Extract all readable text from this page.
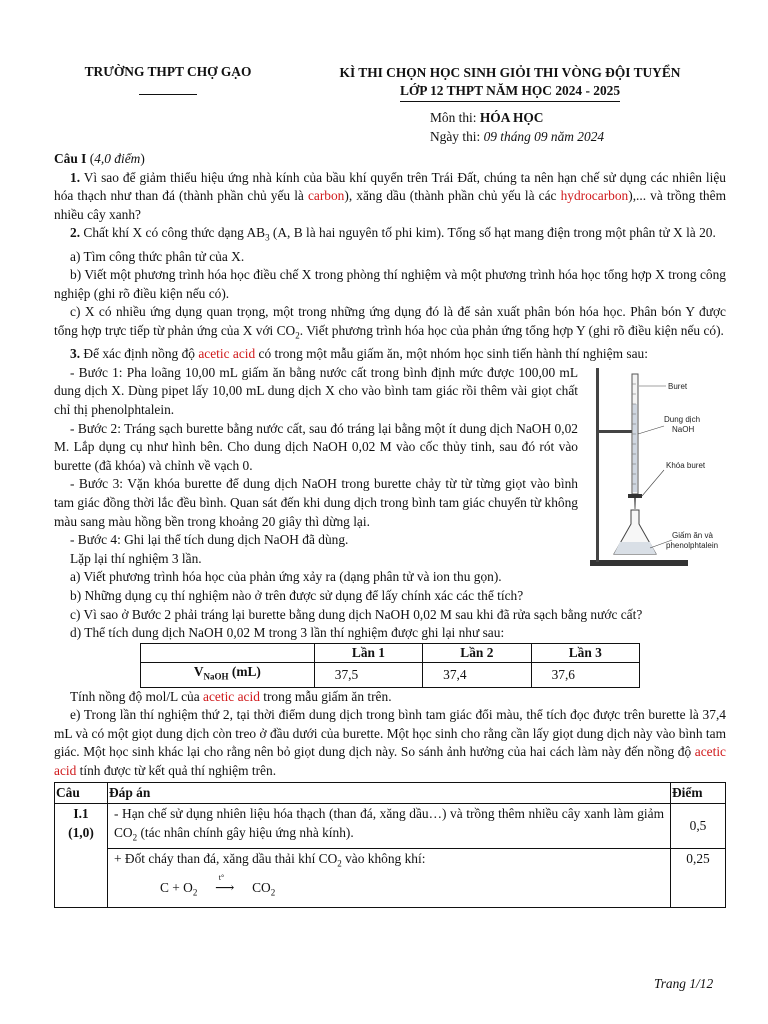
TRƯỜNG THPT CHỢ GẠO	KÌ THI CHỌN HỌC SINH GIỎI THI VÒNG ĐỘI TUYỂN
LỚP 12 THPT NĂM HỌC 2024 - 2025
Môn thi: HÓA HỌC
Ngày thi: 09 tháng 09 năm 2024

Câu I (4,0 điểm)

1. Vì sao để giảm thiểu hiệu ứng nhà kính của bầu khí quyển trên Trái Đất, chúng ta nên hạn chế sử dụng các nhiên liệu hóa thạch như than đá (thành phần chủ yếu là carbon), xăng dầu (thành phần chủ yếu là các hydrocarbon),... và trồng thêm nhiều cây xanh?

2. Chất khí X có công thức dạng $AB_3$ (A, B là hai nguyên tố phi kim). Tổng số hạt mang điện trong một phân tử X là 20.

a) Tìm công thức phân tử của X.

b) Viết một phương trình hóa học điều chế X trong phòng thí nghiệm và một phương trình hóa học tổng hợp X trong công nghiệp (ghi rõ điều kiện nếu có).

c) X có nhiều ứng dụng quan trọng, một trong những ứng dụng đó là để sản xuất phân bón hóa học. Phân bón Y được tổng hợp trực tiếp từ phản ứng của X với $CO_2$. Viết phương trình hóa học của phản ứng tổng hợp Y (ghi rõ điều kiện nếu có).

3. Để xác định nồng độ acetic acid có trong một mẫu giấm ăn, một nhóm học sinh tiến hành thí nghiệm sau:

Buret
Dung dịch
NaOH
Khóa buret
Giấm ăn và
phenolphtalein

- Bước 1: Pha loãng 10,00 mL giấm ăn bằng nước cất trong bình định mức được 100,00 mL dung dịch X. Dùng pipet lấy 10,00 mL dung dịch X cho vào bình tam giác rồi thêm vài giọt chất chỉ thị phenolphtalein.

- Bước 2: Tráng sạch burette bằng nước cất, sau đó tráng lại bằng một ít dung dịch NaOH 0,02 M. Lắp dụng cụ như hình bên. Cho dung dịch NaOH 0,02 M vào cốc thủy tinh, sau đó rót vào burette (đã khóa) và chỉnh về vạch 0.

- Bước 3: Vặn khóa burette để dung dịch NaOH trong burette chảy từ từ từng giọt vào bình tam giác đồng thời lắc đều bình. Quan sát đến khi dung dịch trong bình tam giác chuyển từ không màu sang màu hồng bền trong khoảng 20 giây thì dừng lại.

- Bước 4: Ghi lại thể tích dung dịch NaOH đã dùng.

Lặp lại thí nghiệm 3 lần.

a) Viết phương trình hóa học của phản ứng xảy ra (dạng phân tử và ion thu gọn).

b) Những dụng cụ thí nghiệm nào ở trên được sử dụng để lấy chính xác các thể tích?

c) Vì sao ở Bước 2 phải tráng lại burette bằng dung dịch NaOH 0,02 M sau khi đã rửa sạch bằng nước cất?

d) Thể tích dung dịch NaOH 0,02 M trong 3 lần thí nghiệm được ghi lại như sau:

	Lần 1	Lần 2	Lần 3
$V_{NaOH}$ (mL)	37,5	37,4	37,6

Tính nồng độ mol/L của acetic acid trong mẫu giấm ăn trên.

e) Trong lần thí nghiệm thứ 2, tại thời điểm dung dịch trong bình tam giác đổi màu, thể tích đọc được trên burette là 37,4 mL và có một giọt dung dịch còn treo ở đầu dưới của burette. Một học sinh cho rằng cần lấy giọt dung dịch này vào bình tam giác. Một học sinh khác lại cho rằng nên bỏ giọt dung dịch này. So sánh ảnh hưởng của hai cách làm này đến nồng độ acetic acid tính được từ kết quả thí nghiệm trên.

Câu	Đáp án	Điểm

I.1
(1,0)	- Hạn chế sử dụng nhiên liệu hóa thạch (than đá, xăng dầu…) và trồng thêm nhiều cây xanh làm giảm $CO_2$ (tác nhân chính gây hiệu ứng nhà kính).	0,5

	+ Đốt cháy than đá, xăng dầu thải khí $CO_2$ vào không khí:
$C + O_2$
t°
⟶ $CO_2$	0,25
Trang 1/12
